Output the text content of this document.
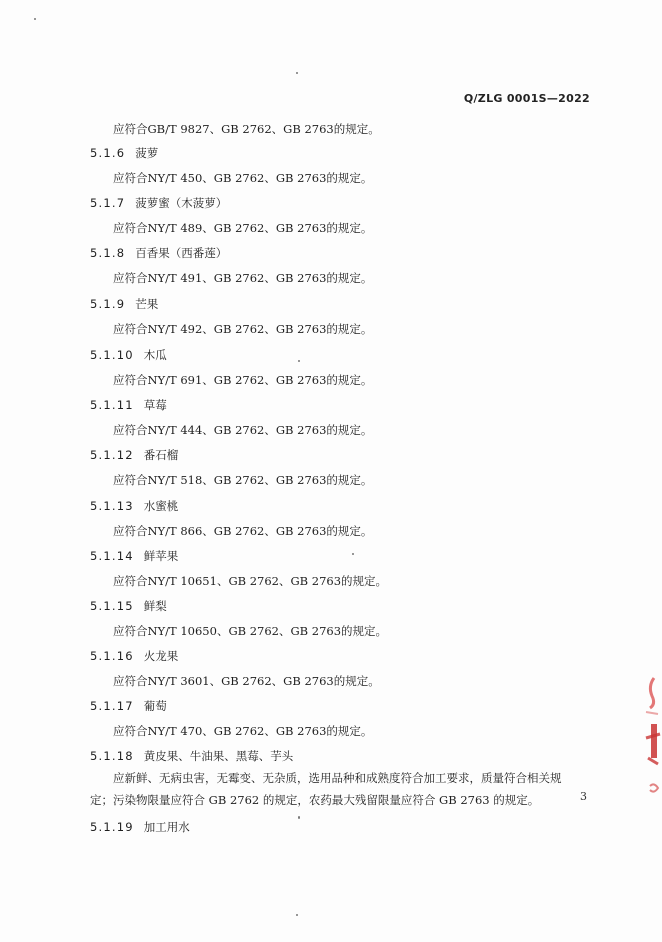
Q/ZLG 0001S—2022
应符合GB/T 9827、GB 2762、GB 2763的规定。
5.1.6 菠萝
应符合NY/T 450、GB 2762、GB 2763的规定。
5.1.7 菠萝蜜（木菠萝）
应符合NY/T 489、GB 2762、GB 2763的规定。
5.1.8 百香果（西番莲）
应符合NY/T 491、GB 2762、GB 2763的规定。
5.1.9 芒果
应符合NY/T 492、GB 2762、GB 2763的规定。
5.1.10 木瓜
应符合NY/T 691、GB 2762、GB 2763的规定。
5.1.11 草莓
应符合NY/T 444、GB 2762、GB 2763的规定。
5.1.12 番石榴
应符合NY/T 518、GB 2762、GB 2763的规定。
5.1.13 水蜜桃
应符合NY/T 866、GB 2762、GB 2763的规定。
5.1.14 鲜苹果
应符合NY/T 10651、GB 2762、GB 2763的规定。
5.1.15 鲜梨
应符合NY/T 10650、GB 2762、GB 2763的规定。
5.1.16 火龙果
应符合NY/T 3601、GB 2762、GB 2763的规定。
5.1.17 葡萄
应符合NY/T 470、GB 2762、GB 2763的规定。
5.1.18 黄皮果、牛油果、黑莓、芋头
应新鲜、无病虫害，无霉变、无杂质，选用品种和成熟度符合加工要求，质量符合相关规定；污染物限量应符合 GB 2762 的规定，农药最大残留限量应符合 GB 2763 的规定。
5.1.19 加工用水
3
